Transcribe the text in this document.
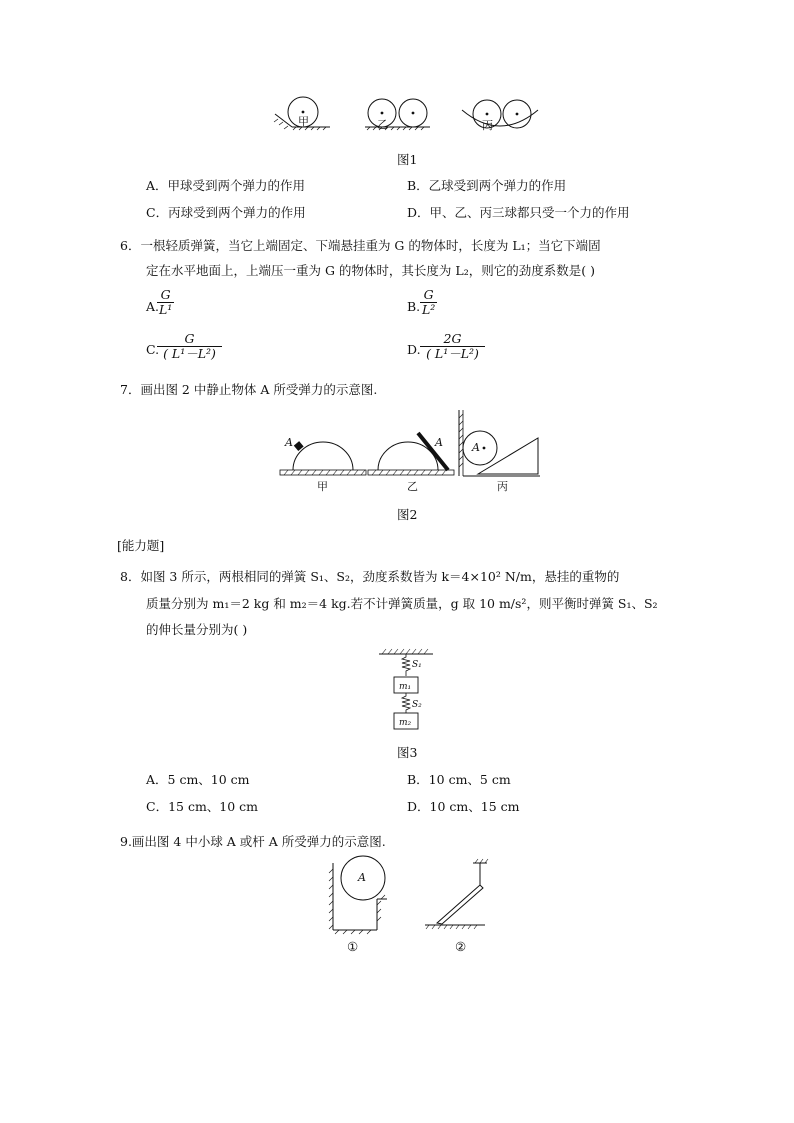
甲	乙	丙
图1
A．甲球受到两个弹力的作用	B．乙球受到两个弹力的作用
C．丙球受到两个弹力的作用	D．甲、乙、丙三球都只受一个力的作用
6．一根轻质弹簧，当它上端固定、下端悬挂重为 G 的物体时，长度为 L₁；当它下端固
定在水平地面上，上端压一重为 G 的物体时，其长度为 L₂，则它的劲度系数是( )
A.
$\frac{G}{\text{L¹}}$	B. $\frac{G}{\text{L²}}$
C.
$\frac{G}{\text{( L¹－L²)}}$	D. $\frac{2G}{\text{( L¹－L²)}}$
7．画出图 2 中静止物体 A 所受弹力的示意图.
A	A	A
甲	乙	丙
图2
[能力题]
8．如图 3 所示，两根相同的弹簧 S₁、S₂，劲度系数皆为 k＝4×10² N/m，悬挂的重物的
质量分别为 m₁＝2 kg 和 m₂＝4 kg.若不计弹簧质量，g 取 10 m/s²，则平衡时弹簧 S₁、S₂
的伸长量分别为( )
S₁
m₁
S₂
m₂
图3
A．5 cm、10 cm	B．10 cm、5 cm
C．15 cm、10 cm	D．10 cm、15 cm
9.画出图 4 中小球 A 或杆 A 所受弹力的示意图.
A
①	②
